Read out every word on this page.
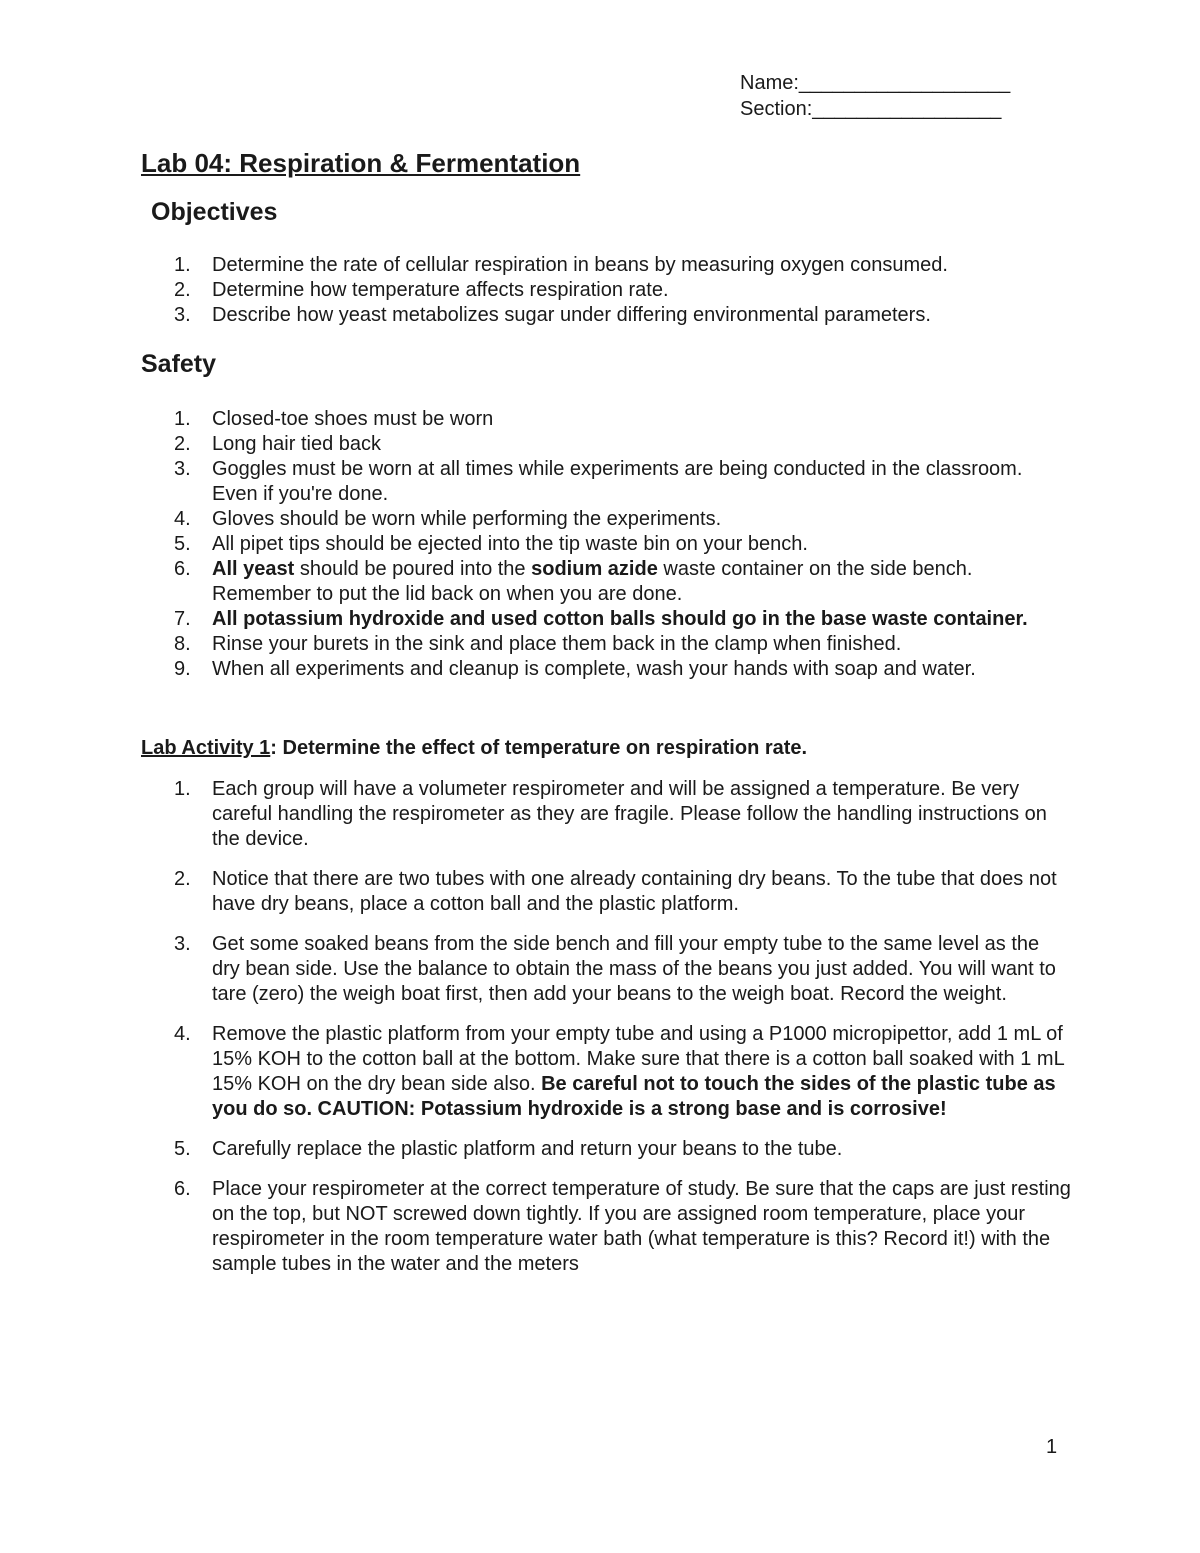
Name:___________________
Section:_________________
Lab 04: Respiration & Fermentation
Objectives
1. Determine the rate of cellular respiration in beans by measuring oxygen consumed.
2. Determine how temperature affects respiration rate.
3. Describe how yeast metabolizes sugar under differing environmental parameters.
Safety
1. Closed-toe shoes must be worn
2. Long hair tied back
3. Goggles must be worn at all times while experiments are being conducted in the classroom. Even if you're done.
4. Gloves should be worn while performing the experiments.
5. All pipet tips should be ejected into the tip waste bin on your bench.
6. All yeast should be poured into the sodium azide waste container on the side bench. Remember to put the lid back on when you are done.
7. All potassium hydroxide and used cotton balls should go in the base waste container.
8. Rinse your burets in the sink and place them back in the clamp when finished.
9. When all experiments and cleanup is complete, wash your hands with soap and water.
Lab Activity 1: Determine the effect of temperature on respiration rate.
1. Each group will have a volumeter respirometer and will be assigned a temperature. Be very careful handling the respirometer as they are fragile. Please follow the handling instructions on the device.
2. Notice that there are two tubes with one already containing dry beans. To the tube that does not have dry beans, place a cotton ball and the plastic platform.
3. Get some soaked beans from the side bench and fill your empty tube to the same level as the dry bean side. Use the balance to obtain the mass of the beans you just added. You will want to tare (zero) the weigh boat first, then add your beans to the weigh boat. Record the weight.
4. Remove the plastic platform from your empty tube and using a P1000 micropipettor, add 1 mL of 15% KOH to the cotton ball at the bottom. Make sure that there is a cotton ball soaked with 1 mL 15% KOH on the dry bean side also. Be careful not to touch the sides of the plastic tube as you do so. CAUTION: Potassium hydroxide is a strong base and is corrosive!
5. Carefully replace the plastic platform and return your beans to the tube.
6. Place your respirometer at the correct temperature of study. Be sure that the caps are just resting on the top, but NOT screwed down tightly. If you are assigned room temperature, place your respirometer in the room temperature water bath (what temperature is this? Record it!) with the sample tubes in the water and the meters
1
